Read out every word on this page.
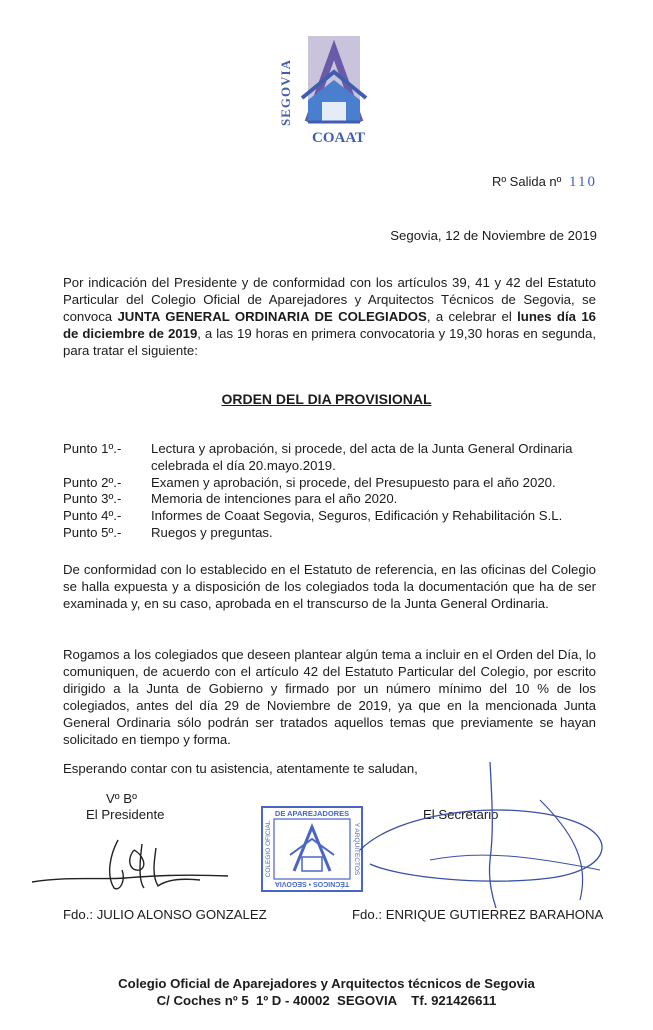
SEGOVIA
COAAT
Rº Salida nº 110
Segovia, 12 de Noviembre de 2019
Por indicación del Presidente y de conformidad con los artículos 39, 41 y 42 del Estatuto Particular del Colegio Oficial de Aparejadores y Arquitectos Técnicos de Segovia, se convoca JUNTA GENERAL ORDINARIA DE COLEGIADOS, a celebrar el lunes día 16 de diciembre de 2019, a las 19 horas en primera convocatoria y 19,30 horas en segunda, para tratar el siguiente:
ORDEN DEL DIA PROVISIONAL
Punto 1º.-	Lectura y aprobación, si procede, del acta de la Junta General Ordinaria celebrada el día 20.mayo.2019.
Punto 2º.-	Examen y aprobación, si procede, del Presupuesto para el año 2020.
Punto 3º.-	Memoria de intenciones para el año 2020.
Punto 4º.-	Informes de Coaat Segovia, Seguros, Edificación y Rehabilitación S.L.
Punto 5º.-	Ruegos y preguntas.
De conformidad con lo establecido en el Estatuto de referencia, en las oficinas del Colegio se halla expuesta y a disposición de los colegiados toda la documentación que ha de ser examinada y, en su caso, aprobada en el transcurso de la Junta General Ordinaria.
Rogamos a los colegiados que deseen plantear algún tema a incluir en el Orden del Día, lo comuniquen, de acuerdo con el artículo 42 del Estatuto Particular del Colegio, por escrito dirigido a la Junta de Gobierno y firmado por un número mínimo del 10 % de los colegiados, antes del día 29 de Noviembre de 2019, ya que en la mencionada Junta General Ordinaria sólo podrán ser tratados aquellos temas que previamente se hayan solicitado en tiempo y forma.
Esperando contar con tu asistencia, atentamente te saludan,
Vº Bº
El Presidente	El Secretario
DE APAREJADORES
TÉCNICOS • SEGOVIA
COLEGIO OFICIAL	Y ARQUITECTOS
Fdo.: JULIO ALONSO GONZALEZ	Fdo.: ENRIQUE GUTIERREZ BARAHONA
Colegio Oficial de Aparejadores y Arquitectos técnicos de Segovia
C/ Coches nº 5  1º D - 40002  SEGOVIA    Tf. 921426611
